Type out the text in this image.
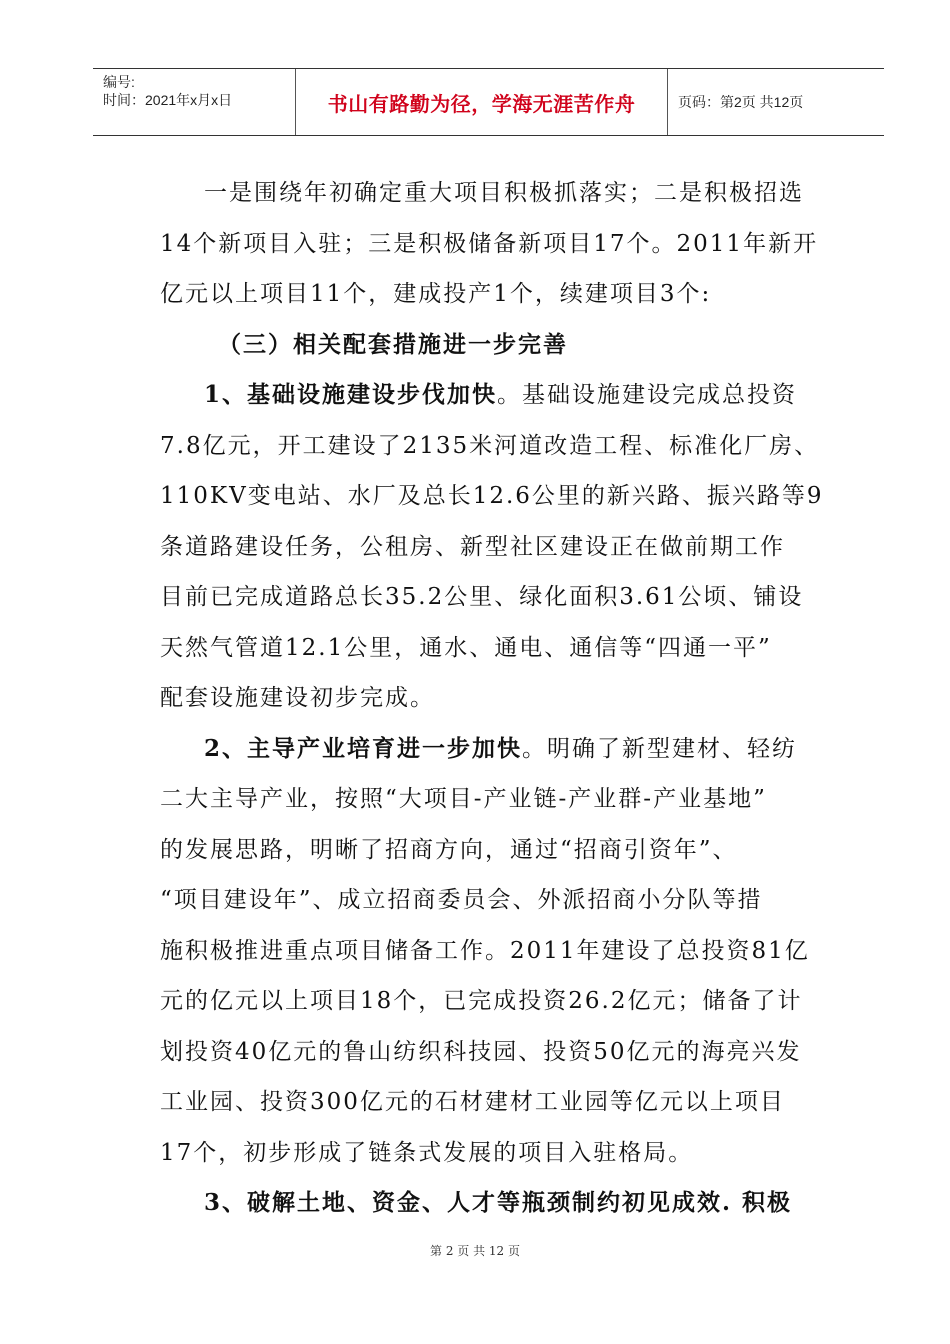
编号:
时间：2021年x月x日	书山有路勤为径，学海无涯苦作舟	页码：第2页 共12页
一是围绕年初确定重大项目积极抓落实；二是积极招选
14个新项目入驻；三是积极储备新项目17个。2011年新开
亿元以上项目11个，建成投产1个，续建项目3个:
（三）相关配套措施进一步完善
1、基础设施建设步伐加快。基础设施建设完成总投资
7.8亿元，开工建设了2135米河道改造工程、标准化厂房、
110KV变电站、水厂及总长12.6公里的新兴路、振兴路等9
条道路建设任务，公租房、新型社区建设正在做前期工作
目前已完成道路总长35.2公里、绿化面积3.61公顷、铺设
天然气管道12.1公里，通水、通电、通信等“四通一平”
配套设施建设初步完成。
2、主导产业培育进一步加快。明确了新型建材、轻纺
二大主导产业，按照“大项目-产业链-产业群-产业基地”
的发展思路，明晰了招商方向，通过“招商引资年”、
“项目建设年”、成立招商委员会、外派招商小分队等措
施积极推进重点项目储备工作。2011年建设了总投资81亿
元的亿元以上项目18个，已完成投资26.2亿元；储备了计
划投资40亿元的鲁山纺织科技园、投资50亿元的海亮兴发
工业园、投资300亿元的石材建材工业园等亿元以上项目
17个，初步形成了链条式发展的项目入驻格局。
3、破解土地、资金、人才等瓶颈制约初见成效. 积极
第 2 页 共 12 页
